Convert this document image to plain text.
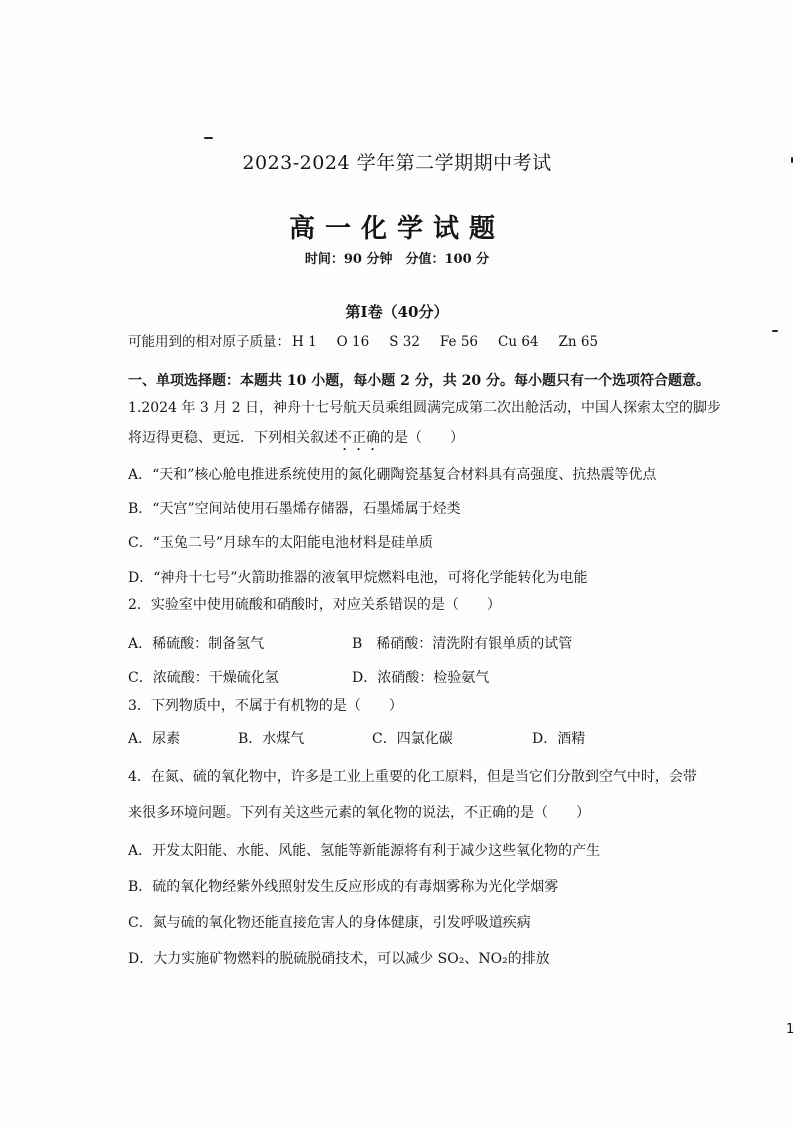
2023-2024 学年第二学期期中考试
高一化学试题
时间：90 分钟　分值：100 分
第Ⅰ卷（40分）
可能用到的相对原子质量： H 1 O 16 S 32 Fe 56 Cu 64 Zn 65
一、单项选择题：本题共 10 小题，每小题 2 分，共 20 分。每小题只有一个选项符合题意。
1.2024 年 3 月 2 日，神舟十七号航天员乘组圆满完成第二次出舱活动，中国人探索太空的脚步
将迈得更稳、更远．下列相关叙述不正确的是（　　）
A．“天和”核心舱电推进系统使用的氮化硼陶瓷基复合材料具有高强度、抗热震等优点
B．“天宫”空间站使用石墨烯存储器，石墨烯属于烃类
C．“玉兔二号”月球车的太阳能电池材料是硅单质
D．“神舟十七号”火箭助推器的液氧甲烷燃料电池，可将化学能转化为电能
2．实验室中使用硫酸和硝酸时，对应关系错误的是（　　）
A．稀硫酸：制备氢气	B　稀硝酸：清洗附有银单质的试管
C．浓硫酸：干燥硫化氢	D．浓硝酸：检验氨气
3．下列物质中，不属于有机物的是（　　）
A．尿素	B．水煤气	C．四氯化碳	D．酒精
4．在氮、硫的氧化物中，许多是工业上重要的化工原料，但是当它们分散到空气中时，会带
来很多环境问题。下列有关这些元素的氧化物的说法，不正确的是（　　）
A．开发太阳能、水能、风能、氢能等新能源将有利于减少这些氧化物的产生
B．硫的氧化物经紫外线照射发生反应形成的有毒烟雾称为光化学烟雾
C．氮与硫的氧化物还能直接危害人的身体健康，引发呼吸道疾病
D．大力实施矿物燃料的脱硫脱硝技术，可以减少 SO₂、NO₂的排放
1
